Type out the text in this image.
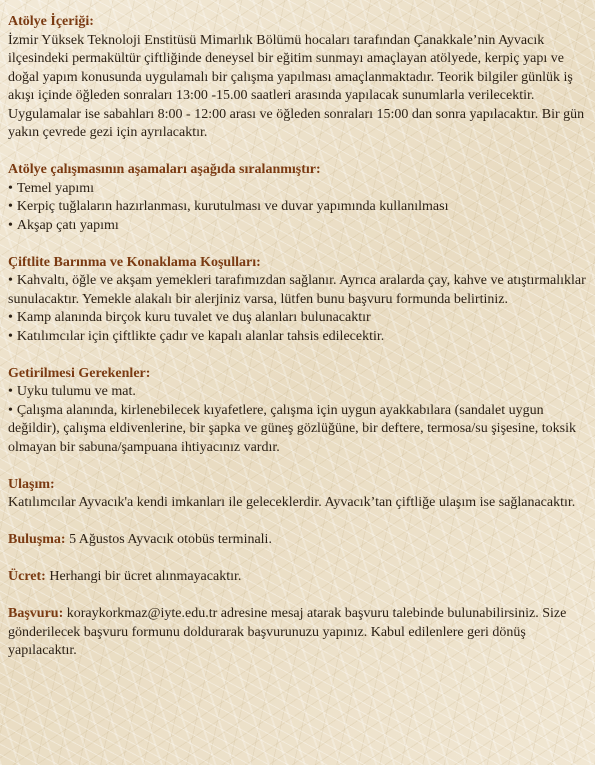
Atölye İçeriği:

İzmir Yüksek Teknoloji Enstitüsü Mimarlık Bölümü hocaları tarafından Çanakkale’nin Ayvacık ilçesindeki permakültür çiftliğinde deneysel bir eğitim sunmayı amaçlayan atölyede, kerpiç yapı ve doğal yapım konusunda uygulamalı bir çalışma yapılması amaçlanmaktadır. Teorik bilgiler günlük iş akışı içinde öğleden sonraları 13:00 -15.00 saatleri arasında yapılacak sunumlarla verilecektir. Uygulamalar ise sabahları 8:00 - 12:00 arası ve öğleden sonraları 15:00 dan sonra yapılacaktır. Bir gün yakın çevrede gezi için ayrılacaktır.

Atölye çalışmasının aşamaları aşağıda sıralanmıştır:
• Temel yapımı
• Kerpiç tuğlaların hazırlanması, kurutulması ve duvar yapımında kullanılması
• Akşap çatı yapımı
Çiftlite Barınma ve Konaklama Koşulları:
• Kahvaltı, öğle ve akşam yemekleri tarafımızdan sağlanır. Ayrıca aralarda çay, kahve ve atıştırmalıklar sunulacaktır. Yemekle alakalı bir alerjiniz varsa, lütfen bunu başvuru formunda belirtiniz.
• Kamp alanında birçok kuru tuvalet ve duş alanları bulunacaktır
• Katılımcılar için çiftlikte çadır ve kapalı alanlar tahsis edilecektir.
Getirilmesi Gerekenler:
• Uyku tulumu ve mat.
• Çalışma alanında, kirlenebilecek kıyafetlere, çalışma için uygun ayakkabılara (sandalet uygun değildir), çalışma eldivenlerine, bir şapka ve güneş gözlüğüne, bir deftere, termosa/su şişesine, toksik olmayan bir sabuna/şampuana ihtiyacınız vardır.
Ulaşım:

Katılımcılar Ayvacık'a kendi imkanları ile geleceklerdir. Ayvacık’tan çiftliğe ulaşım ise sağlanacaktır.

Buluşma: 5 Ağustos Ayvacık otobüs terminali.

Ücret: Herhangi bir ücret alınmayacaktır.

Başvuru: koraykorkmaz@iyte.edu.tr adresine mesaj atarak başvuru talebinde bulunabilirsiniz. Size gönderilecek başvuru formunu doldurarak başvurunuzu yapınız. Kabul edilenlere geri dönüş yapılacaktır.
